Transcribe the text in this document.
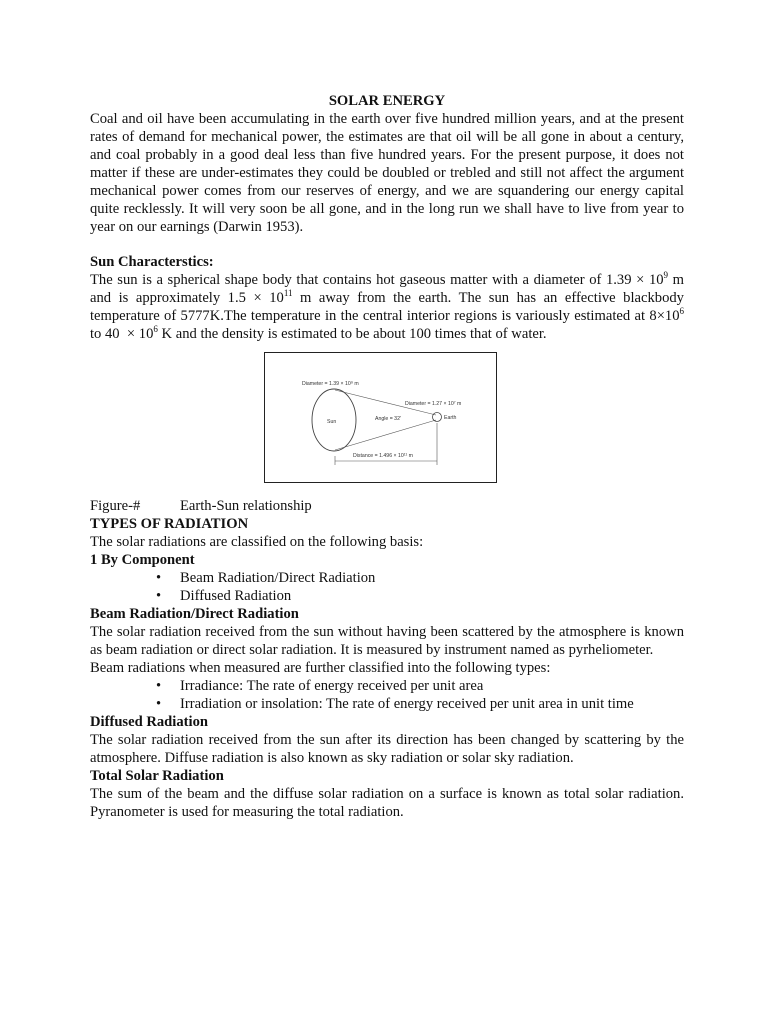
SOLAR ENERGY

Coal and oil have been accumulating in the earth over five hundred million years, and at the present rates of demand for mechanical power, the estimates are that oil will be all gone in about a century, and coal probably in a good deal less than five hundred years. For the present purpose, it does not matter if these are under-estimates they could be doubled or trebled and still not affect the argument mechanical power comes from our reserves of energy, and we are squandering our energy capital quite recklessly. It will very soon be all gone, and in the long run we shall have to live from year to year on our earnings (Darwin 1953).

Sun Characterstics:

The sun is a spherical shape body that contains hot gaseous matter with a diameter of $1.39 \times 10^9$ m and is approximately $1.5 \times 10^{11}$ m away from the earth. The sun has an effective blackbody temperature of 5777K.The temperature in the central interior regions is variously estimated at $8\times 10^6$ to $40 \times 10^6$ K and the density is estimated to be about 100 times that of water.

Diameter = 1.39 × 10⁹ m
Sun
Diameter = 1.27 × 10⁷ m
Angle = 32'	Earth
Distance = 1.496 × 10¹¹ m

Figure-#	Earth-Sun relationship

TYPES OF RADIATION

The solar radiations are classified on the following basis:

1 By Component

• Beam Radiation/Direct Radiation
• Diffused Radiation

Beam Radiation/Direct Radiation

The solar radiation received from the sun without having been scattered by the atmosphere is known as beam radiation or direct solar radiation. It is measured by instrument named as pyrheliometer.

Beam radiations when measured are further classified into the following types:

• Irradiance: The rate of energy received per unit area
• Irradiation or insolation: The rate of energy received per unit area in unit time

Diffused Radiation

The solar radiation received from the sun after its direction has been changed by scattering by the atmosphere. Diffuse radiation is also known as sky radiation or solar sky radiation.

Total Solar Radiation

The sum of the beam and the diffuse solar radiation on a surface is known as total solar radiation. Pyranometer is used for measuring the total radiation.
